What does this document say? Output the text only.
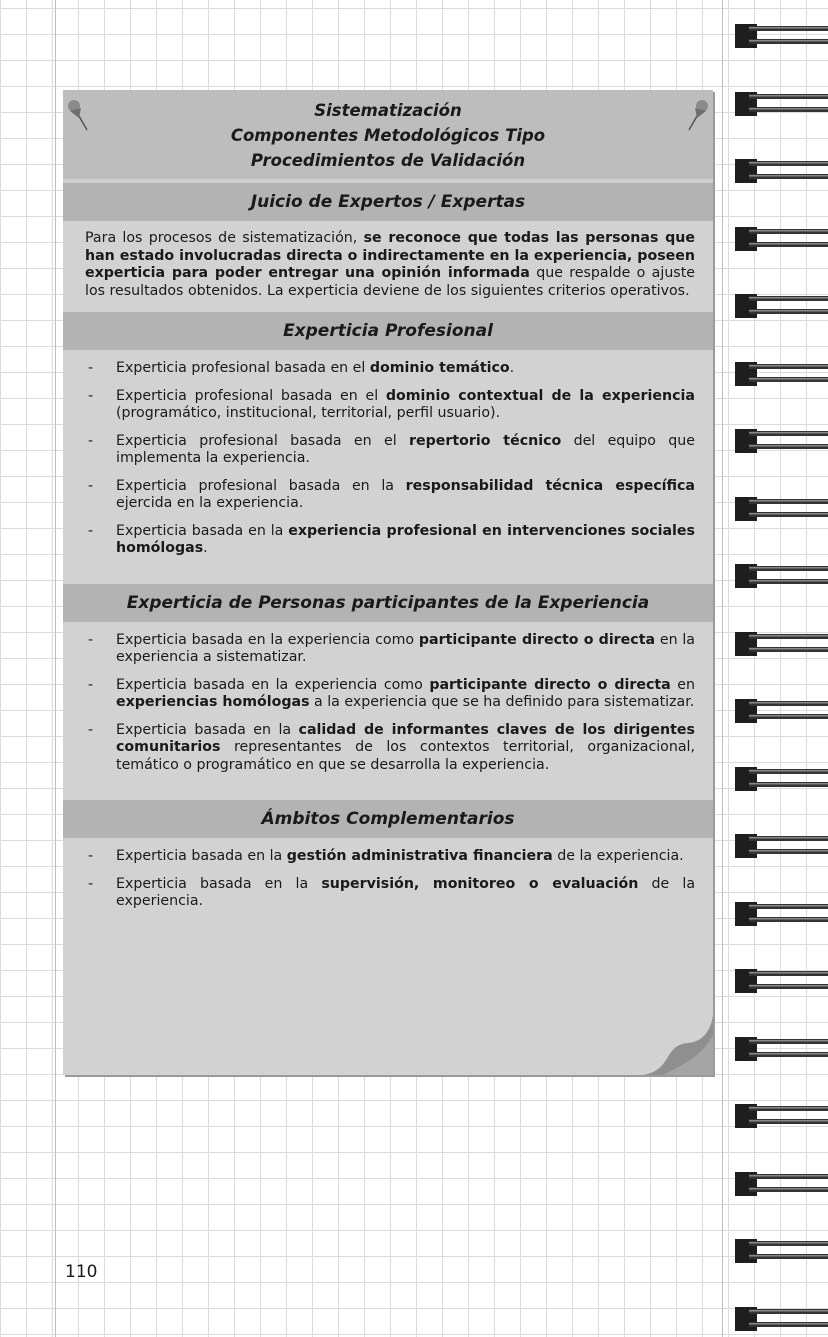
Sistematización
Componentes Metodológicos Tipo
Procedimientos de Validación
Juicio de Expertos / Expertas
Para los procesos de sistematización, se reconoce que todas las personas que han estado involucradas directa o indirectamente en la experiencia, poseen experticia para poder entregar una opinión informada que respalde o ajuste los resultados obtenidos. La experticia deviene de los siguientes criterios operativos.
Experticia Profesional
- Experticia profesional basada en el dominio temático.
- Experticia profesional basada en el dominio contextual de la experiencia (programático, institucional, territorial, perfil usuario).
- Experticia profesional basada en el repertorio técnico del equipo que implementa la experiencia.
- Experticia profesional basada en la responsabilidad técnica específica ejercida en la experiencia.
- Experticia basada en la experiencia profesional en intervenciones sociales homólogas.
Experticia de Personas participantes de la Experiencia
- Experticia basada en la experiencia como participante directo o directa en la experiencia a sistematizar.
- Experticia basada en la experiencia como participante directo o directa en experiencias homólogas a la experiencia que se ha definido para sistematizar.
- Experticia basada en la calidad de informantes claves de los dirigentes comunitarios representantes de los contextos territorial, organizacional, temático o programático en que se desarrolla la experiencia.
Ámbitos Complementarios
- Experticia basada en la gestión administrativa financiera de la experiencia.
- Experticia basada en la supervisión, monitoreo o evaluación de la experiencia.
110
